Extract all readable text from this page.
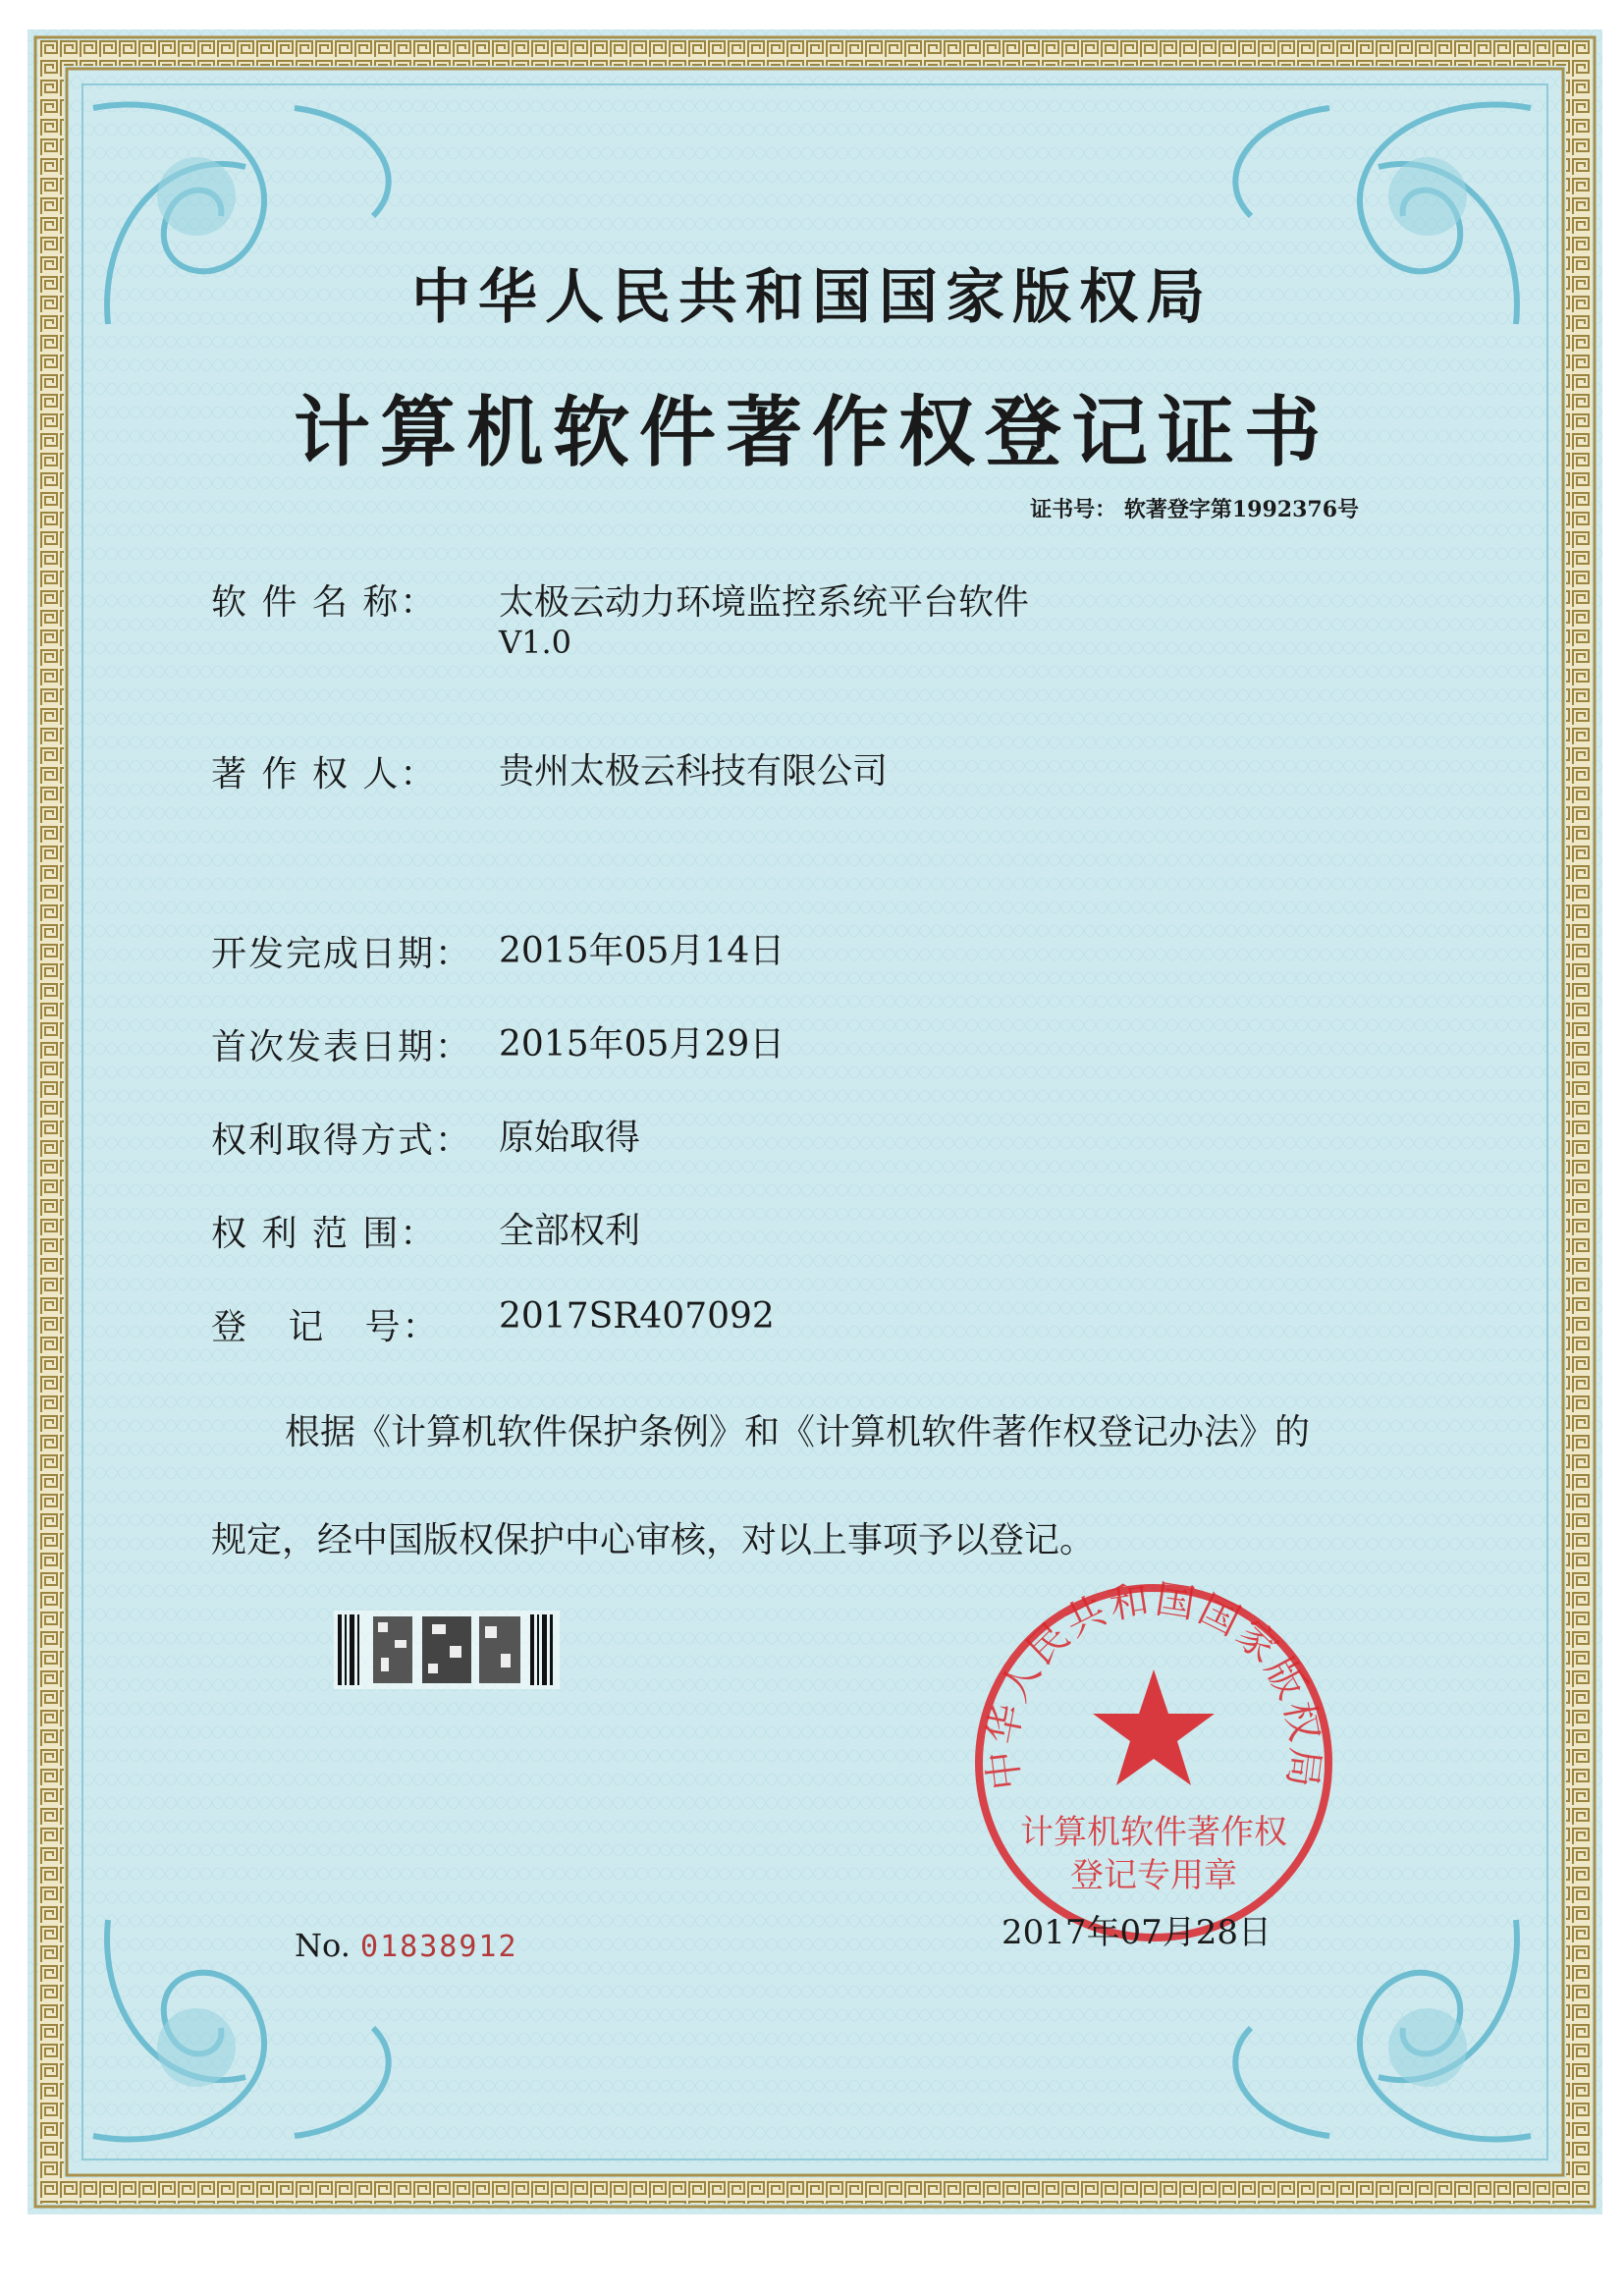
中华人民共和国国家版权局
计算机软件著作权登记证书
证书号： 软著登字第1992376号
软 件 名 称： 太极云动力环境监控系统平台软件
V1.0
著 作 权 人： 贵州太极云科技有限公司
开发完成日期： 2015年05月14日
首次发表日期： 2015年05月29日
权利取得方式： 原始取得
权 利 范 围： 全部权利
登   记   号： 2017SR407092
根据《计算机软件保护条例》和《计算机软件著作权登记办法》的
规定，经中国版权保护中心审核，对以上事项予以登记。
No. 01838912
中华人民共和国国家版权局
计算机软件著作权
登记专用章
2017年07月28日
